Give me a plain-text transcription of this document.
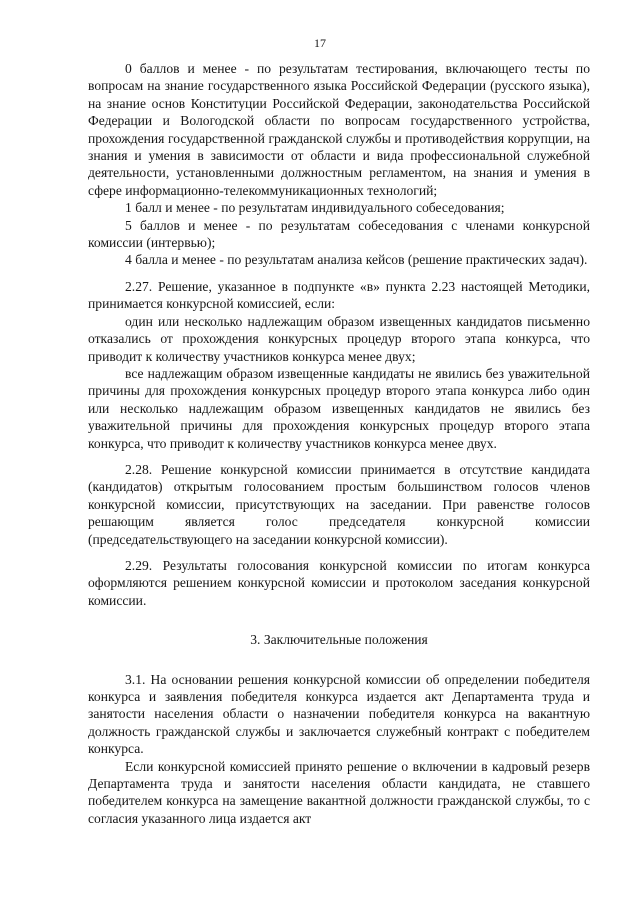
17

0 баллов и менее - по результатам тестирования, включающего тесты по вопросам на знание государственного языка Российской Федерации (русского языка), на знание основ Конституции Российской Федерации, законодательства Российской Федерации и Вологодской области по вопросам государственного устройства, прохождения государственной гражданской службы и противодействия коррупции, на знания и умения в зависимости от области и вида профессиональной служебной деятельности, установленными должностным регламентом, на знания и умения в сфере информационно-телекоммуникационных технологий;

1 балл и менее - по результатам индивидуального собеседования;

5 баллов и менее - по результатам собеседования с членами конкурсной комиссии (интервью);

4 балла и менее - по результатам анализа кейсов (решение практических задач).

2.27. Решение, указанное в подпункте «в» пункта 2.23 настоящей Методики, принимается конкурсной комиссией, если:

один или несколько надлежащим образом извещенных кандидатов письменно отказались от прохождения конкурсных процедур второго этапа конкурса, что приводит к количеству участников конкурса менее двух;

все надлежащим образом извещенные кандидаты не явились без уважительной причины для прохождения конкурсных процедур второго этапа конкурса либо один или несколько надлежащим образом извещенных кандидатов не явились без уважительной причины для прохождения конкурсных процедур второго этапа конкурса, что приводит к количеству участников конкурса менее двух.

2.28. Решение конкурсной комиссии принимается в отсутствие кандидата (кандидатов) открытым голосованием простым большинством голосов членов конкурсной комиссии, присутствующих на заседании. При равенстве голосов решающим является голос председателя конкурсной комиссии (председательствующего на заседании конкурсной комиссии).

2.29. Результаты голосования конкурсной комиссии по итогам конкурса оформляются решением конкурсной комиссии и протоколом заседания конкурсной комиссии.

3. Заключительные положения

3.1. На основании решения конкурсной комиссии об определении победителя конкурса и заявления победителя конкурса издается акт Департамента труда и занятости населения области о назначении победителя конкурса на вакантную должность гражданской службы и заключается служебный контракт с победителем конкурса.

Если конкурсной комиссией принято решение о включении в кадровый резерв Департамента труда и занятости населения области кандидата, не ставшего победителем конкурса на замещение вакантной должности гражданской службы, то с согласия указанного лица издается акт
